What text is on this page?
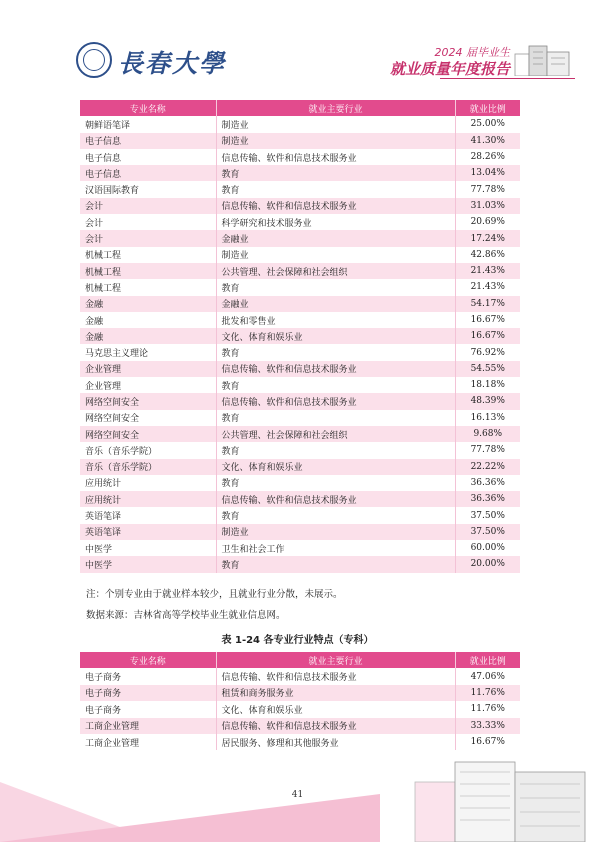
長春大學	2024 届毕业生
就业质量年度报告
专业名称	就业主要行业	就业比例
朝鲜语笔译	制造业	25.00%
电子信息	制造业	41.30%
电子信息	信息传输、软件和信息技术服务业	28.26%
电子信息	教育	13.04%
汉语国际教育	教育	77.78%
会计	信息传输、软件和信息技术服务业	31.03%
会计	科学研究和技术服务业	20.69%
会计	金融业	17.24%
机械工程	制造业	42.86%
机械工程	公共管理、社会保障和社会组织	21.43%
机械工程	教育	21.43%
金融	金融业	54.17%
金融	批发和零售业	16.67%
金融	文化、体育和娱乐业	16.67%
马克思主义理论	教育	76.92%
企业管理	信息传输、软件和信息技术服务业	54.55%
企业管理	教育	18.18%
网络空间安全	信息传输、软件和信息技术服务业	48.39%
网络空间安全	教育	16.13%
网络空间安全	公共管理、社会保障和社会组织	9.68%
音乐（音乐学院）	教育	77.78%
音乐（音乐学院）	文化、体育和娱乐业	22.22%
应用统计	教育	36.36%
应用统计	信息传输、软件和信息技术服务业	36.36%
英语笔译	教育	37.50%
英语笔译	制造业	37.50%
中医学	卫生和社会工作	60.00%
中医学	教育	20.00%
注：个别专业由于就业样本较少，且就业行业分散，未展示。
数据来源：吉林省高等学校毕业生就业信息网。
表 1-24 各专业行业特点（专科）
专业名称	就业主要行业	就业比例
电子商务	信息传输、软件和信息技术服务业	47.06%
电子商务	租赁和商务服务业	11.76%
电子商务	文化、体育和娱乐业	11.76%
工商企业管理	信息传输、软件和信息技术服务业	33.33%
工商企业管理	居民服务、修理和其他服务业	16.67%
41
